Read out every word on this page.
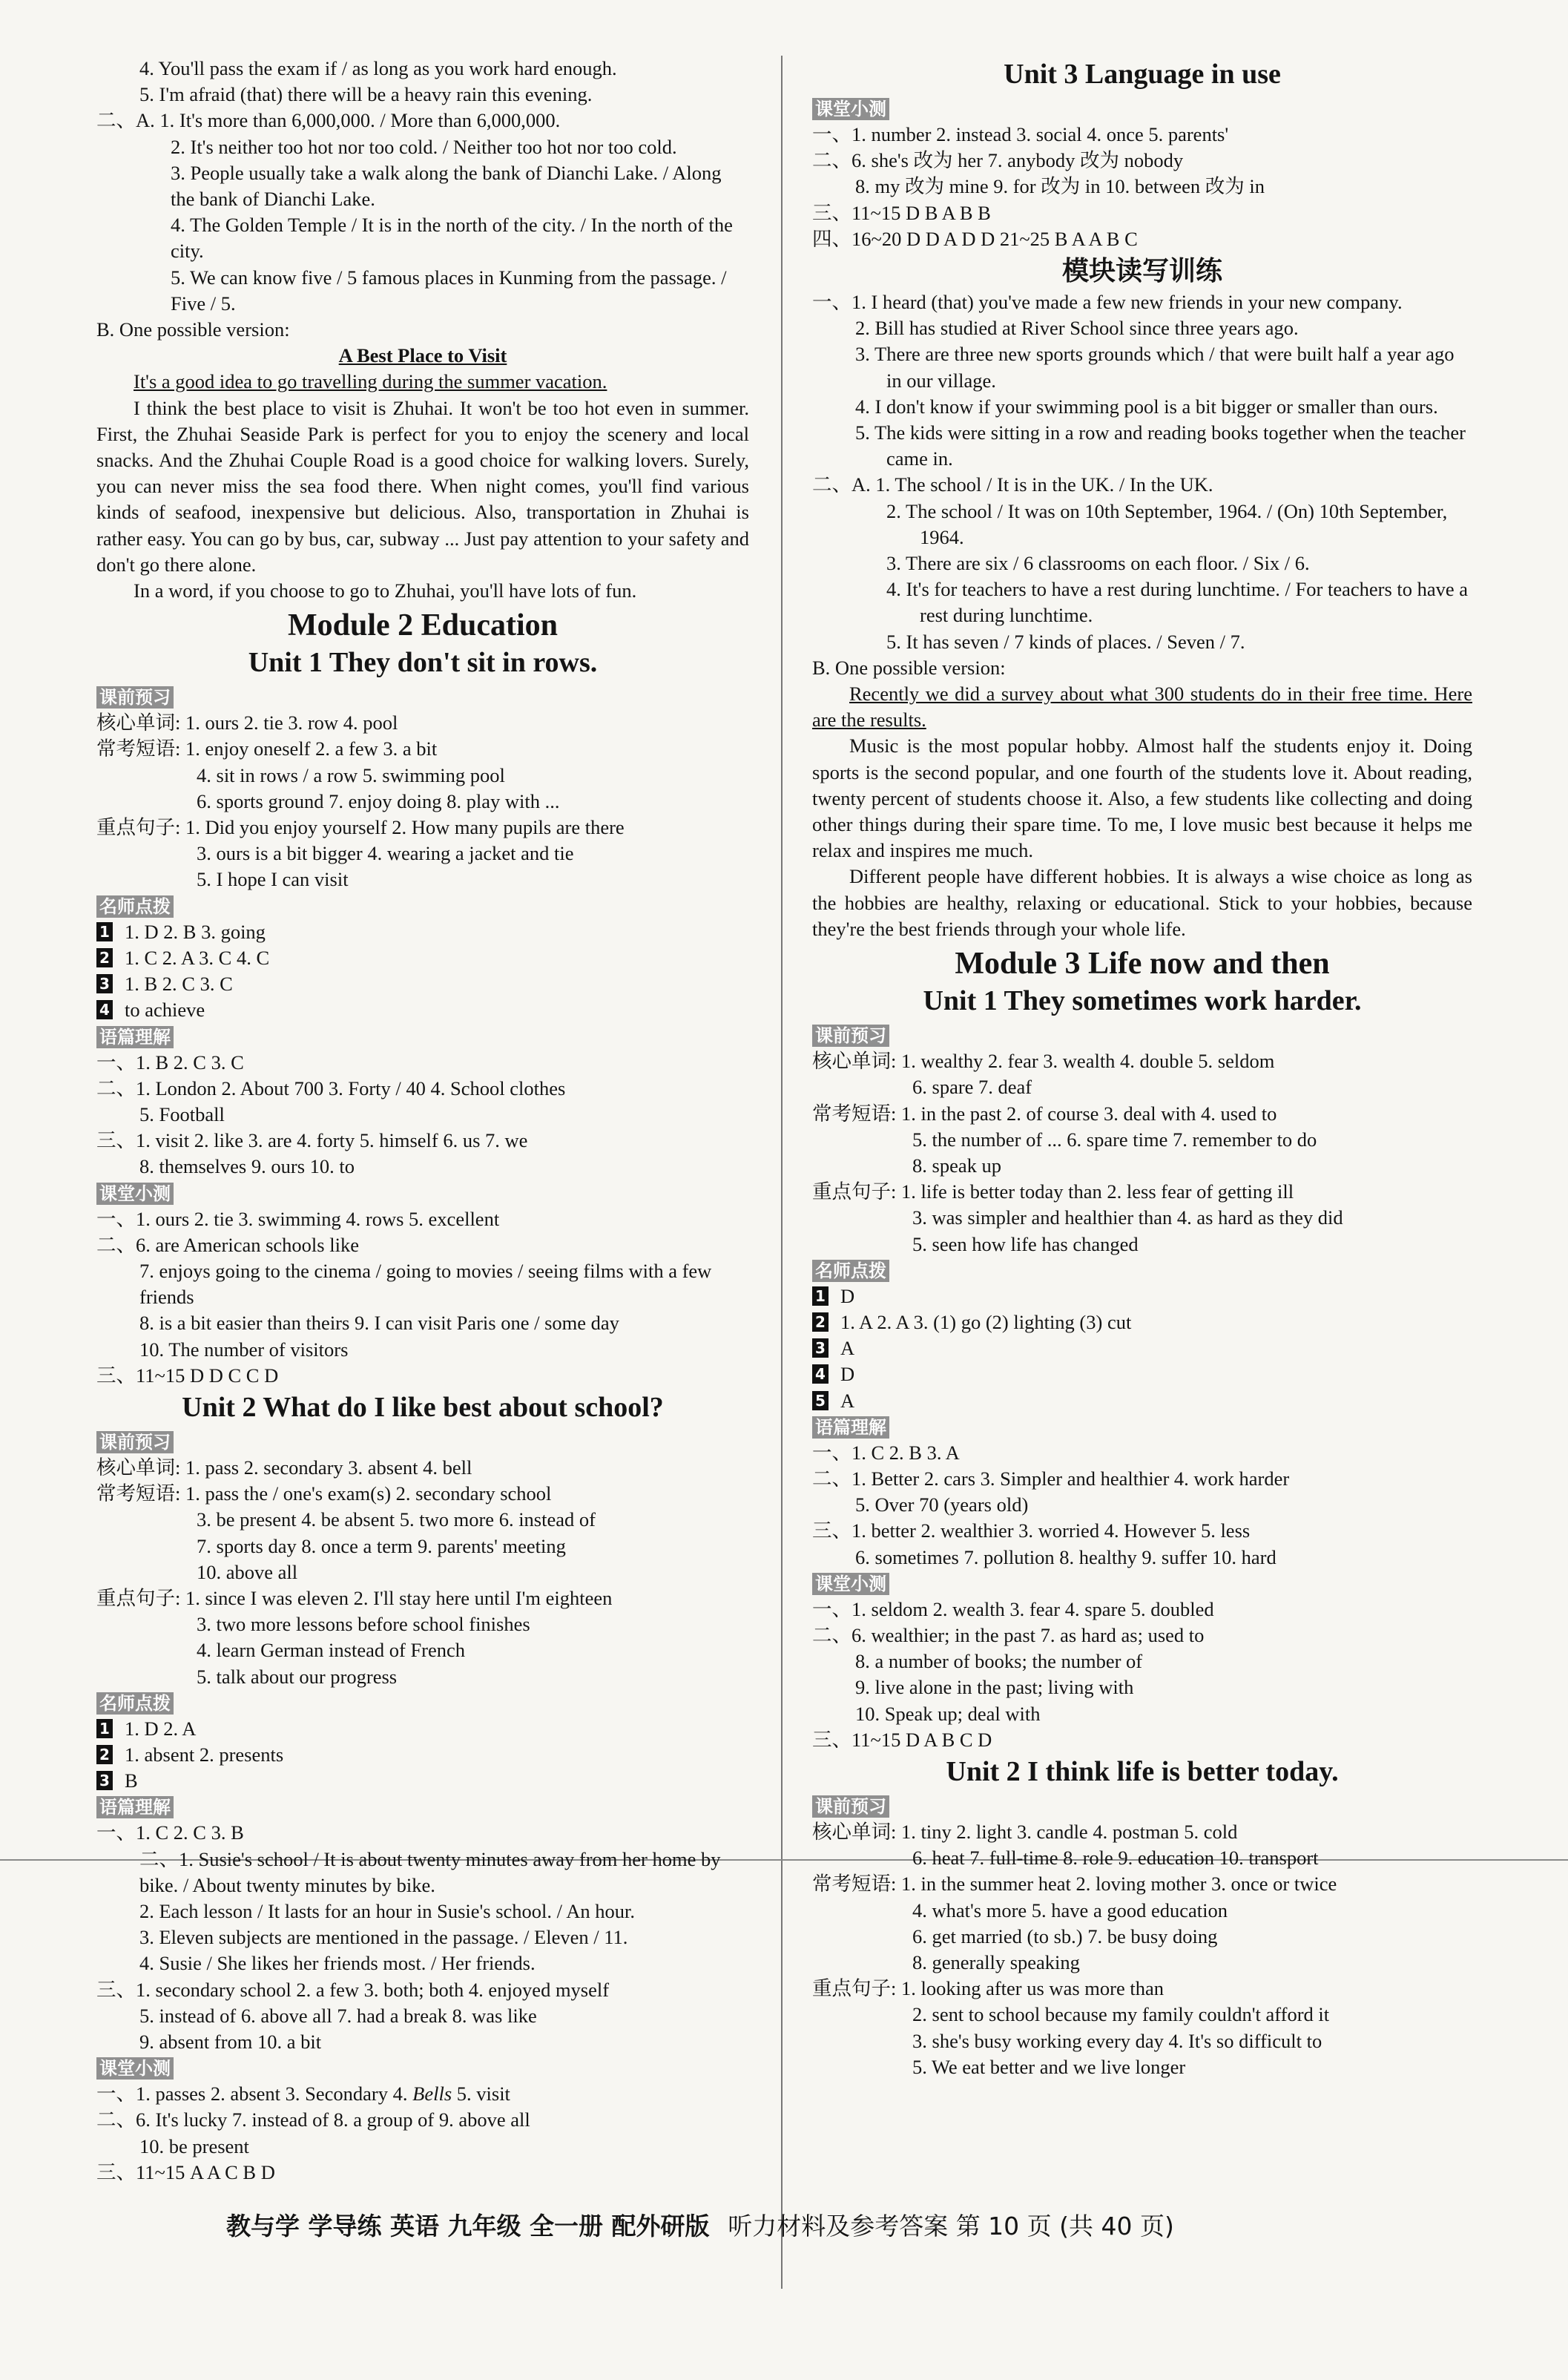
4. You'll pass the exam if / as long as you work hard enough.
5. I'm afraid (that) there will be a heavy rain this evening.
二、A. 1. It's more than 6,000,000. / More than 6,000,000.
2. It's neither too hot nor too cold. / Neither too hot nor too cold.
3. People usually take a walk along the bank of Dianchi Lake. / Along the bank of Dianchi Lake.
4. The Golden Temple / It is in the north of the city. / In the north of the city.
5. We can know five / 5 famous places in Kunming from the passage. / Five / 5.
B. One possible version:
A Best Place to Visit
It's a good idea to go travelling during the summer vacation.
I think the best place to visit is Zhuhai. It won't be too hot even in summer. First, the Zhuhai Seaside Park is perfect for you to enjoy the scenery and local snacks. And the Zhuhai Couple Road is a good choice for walking lovers. Surely, you can never miss the sea food there. When night comes, you'll find various kinds of seafood, inexpensive but delicious. Also, transportation in Zhuhai is rather easy. You can go by bus, car, subway ... Just pay attention to your safety and don't go there alone.
In a word, if you choose to go to Zhuhai, you'll have lots of fun.
Module 2 Education
Unit 1 They don't sit in rows.
课前预习
核心单词: 1. ours 2. tie 3. row 4. pool
常考短语: 1. enjoy oneself 2. a few 3. a bit
4. sit in rows / a row 5. swimming pool
6. sports ground 7. enjoy doing 8. play with ...
重点句子: 1. Did you enjoy yourself 2. How many pupils are there
3. ours is a bit bigger 4. wearing a jacket and tie
5. I hope I can visit
名师点拨
1 1. D 2. B 3. going
2 1. C 2. A 3. C 4. C
3 1. B 2. C 3. C
4 to achieve
语篇理解
一、1. B 2. C 3. C
二、1. London 2. About 700 3. Forty / 40 4. School clothes
5. Football
三、1. visit 2. like 3. are 4. forty 5. himself 6. us 7. we
8. themselves 9. ours 10. to
课堂小测
一、1. ours 2. tie 3. swimming 4. rows 5. excellent
二、6. are American schools like
7. enjoys going to the cinema / going to movies / seeing films with a few friends
8. is a bit easier than theirs 9. I can visit Paris one / some day
10. The number of visitors
三、11~15 D D C C D
Unit 2 What do I like best about school?
课前预习
核心单词: 1. pass 2. secondary 3. absent 4. bell
常考短语: 1. pass the / one's exam(s) 2. secondary school
3. be present 4. be absent 5. two more 6. instead of
7. sports day 8. once a term 9. parents' meeting
10. above all
重点句子: 1. since I was eleven 2. I'll stay here until I'm eighteen
3. two more lessons before school finishes
4. learn German instead of French
5. talk about our progress
名师点拨
1 1. D 2. A
2 1. absent 2. presents
3 B
语篇理解
一、1. C 2. C 3. B
二、1. Susie's school / It is about twenty minutes away from her home by bike. / About twenty minutes by bike.
2. Each lesson / It lasts for an hour in Susie's school. / An hour.
3. Eleven subjects are mentioned in the passage. / Eleven / 11.
4. Susie / She likes her friends most. / Her friends.
三、1. secondary school 2. a few 3. both; both 4. enjoyed myself
5. instead of 6. above all 7. had a break 8. was like
9. absent from 10. a bit
课堂小测
一、1. passes 2. absent 3. Secondary 4. Bells 5. visit
二、6. It's lucky 7. instead of 8. a group of 9. above all
10. be present
三、11~15 A A C B D
Unit 3 Language in use
课堂小测
一、1. number 2. instead 3. social 4. once 5. parents'
二、6. she's 改为 her 7. anybody 改为 nobody
8. my 改为 mine 9. for 改为 in 10. between 改为 in
三、11~15 D B A B B
四、16~20 D D A D D 21~25 B A A B C
模块读写训练
一、1. I heard (that) you've made a few new friends in your new company.
2. Bill has studied at River School since three years ago.
3. There are three new sports grounds which / that were built half a year ago in our village.
4. I don't know if your swimming pool is a bit bigger or smaller than ours.
5. The kids were sitting in a row and reading books together when the teacher came in.
二、A. 1. The school / It is in the UK. / In the UK.
2. The school / It was on 10th September, 1964. / (On) 10th September, 1964.
3. There are six / 6 classrooms on each floor. / Six / 6.
4. It's for teachers to have a rest during lunchtime. / For teachers to have a rest during lunchtime.
5. It has seven / 7 kinds of places. / Seven / 7.
B. One possible version:
Recently we did a survey about what 300 students do in their free time. Here are the results.
Music is the most popular hobby. Almost half the students enjoy it. Doing sports is the second popular, and one fourth of the students love it. About reading, twenty percent of students choose it. Also, a few students like collecting and doing other things during their spare time. To me, I love music best because it helps me relax and inspires me much.
Different people have different hobbies. It is always a wise choice as long as the hobbies are healthy, relaxing or educational. Stick to your hobbies, because they're the best friends through your whole life.
Module 3 Life now and then
Unit 1 They sometimes work harder.
课前预习
核心单词: 1. wealthy 2. fear 3. wealth 4. double 5. seldom
6. spare 7. deaf
常考短语: 1. in the past 2. of course 3. deal with 4. used to
5. the number of ... 6. spare time 7. remember to do
8. speak up
重点句子: 1. life is better today than 2. less fear of getting ill
3. was simpler and healthier than 4. as hard as they did
5. seen how life has changed
名师点拨
1 D
2 1. A 2. A 3. (1) go (2) lighting (3) cut
3 A
4 D
5 A
语篇理解
一、1. C 2. B 3. A
二、1. Better 2. cars 3. Simpler and healthier 4. work harder
5. Over 70 (years old)
三、1. better 2. wealthier 3. worried 4. However 5. less
6. sometimes 7. pollution 8. healthy 9. suffer 10. hard
课堂小测
一、1. seldom 2. wealth 3. fear 4. spare 5. doubled
二、6. wealthier; in the past 7. as hard as; used to
8. a number of books; the number of
9. live alone in the past; living with
10. Speak up; deal with
三、11~15 D A B C D
Unit 2 I think life is better today.
课前预习
核心单词: 1. tiny 2. light 3. candle 4. postman 5. cold
6. heat 7. full-time 8. role 9. education 10. transport
常考短语: 1. in the summer heat 2. loving mother 3. once or twice
4. what's more 5. have a good education
6. get married (to sb.) 7. be busy doing
8. generally speaking
重点句子: 1. looking after us was more than
2. sent to school because my family couldn't afford it
3. she's busy working every day 4. It's so difficult to
5. We eat better and we live longer
教与学 学导练 英语 九年级 全一册 配外研版 听力材料及参考答案 第 10 页 (共 40 页)
